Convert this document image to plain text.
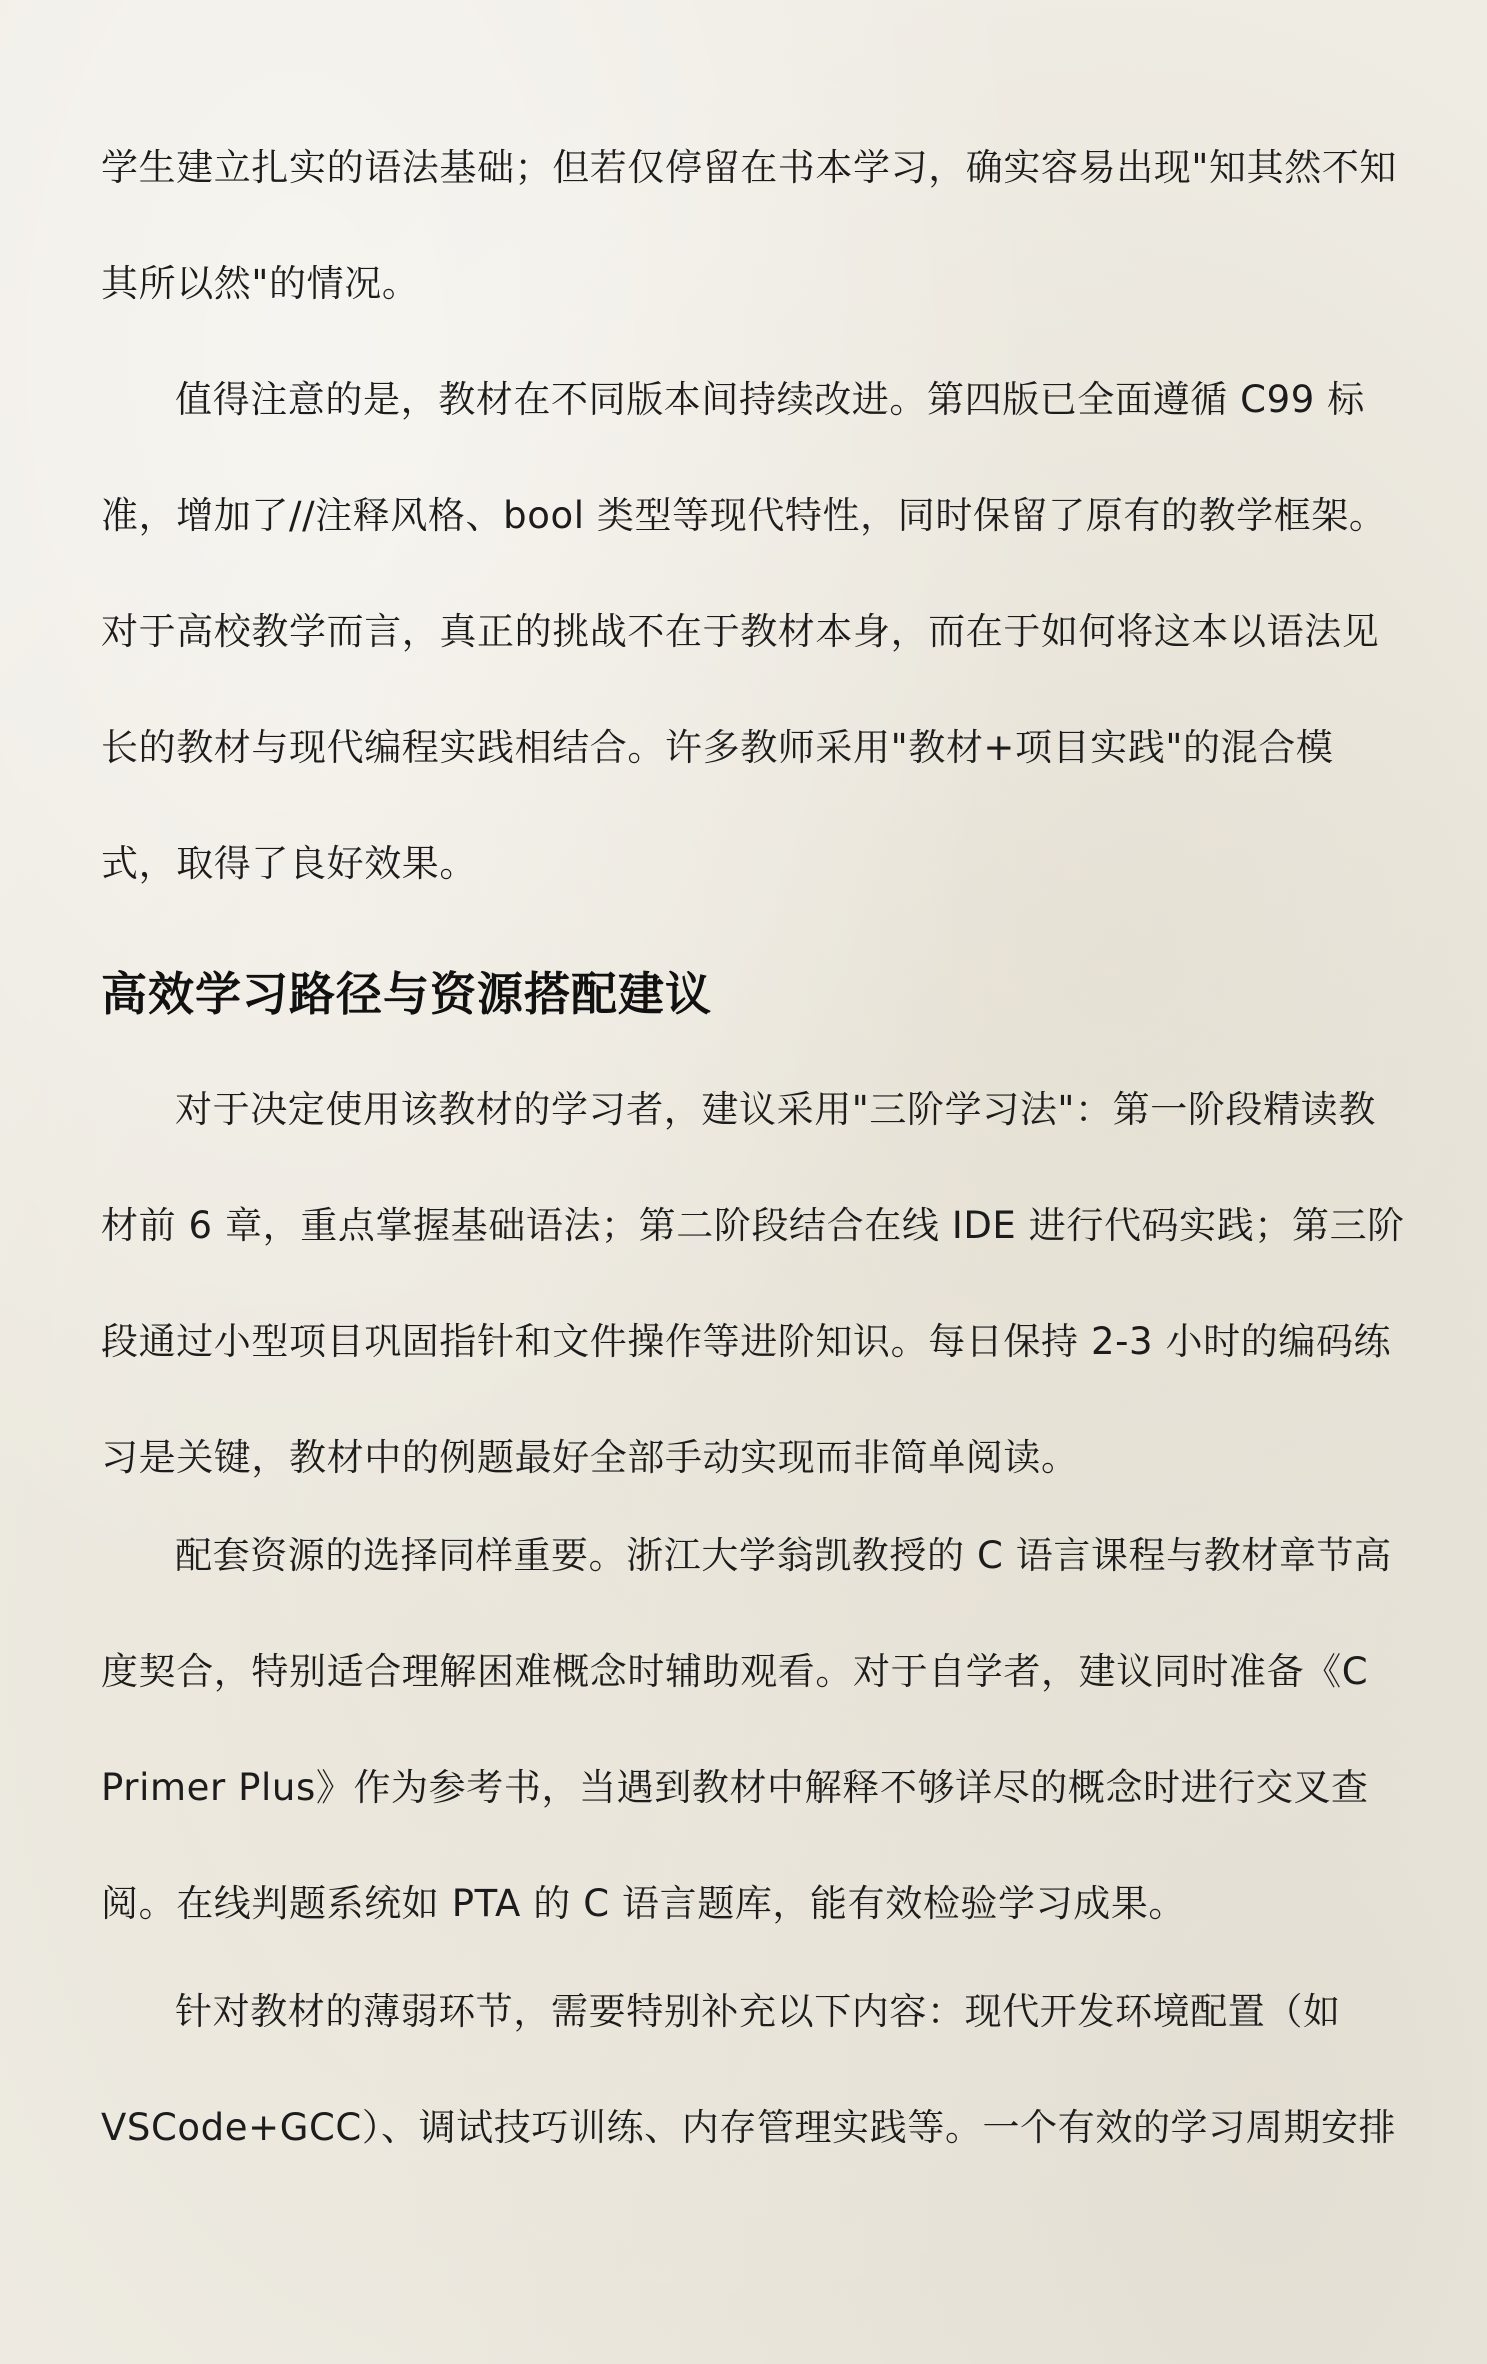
学生建立扎实的语法基础；但若仅停留在书本学习，确实容易出现"知其然不知
其所以然"的情况。

值得注意的是，教材在不同版本间持续改进。第四版已全面遵循 C99 标
准，增加了//注释风格、bool 类型等现代特性，同时保留了原有的教学框架。
对于高校教学而言，真正的挑战不在于教材本身，而在于如何将这本以语法见
长的教材与现代编程实践相结合。许多教师采用"教材+项目实践"的混合模
式，取得了良好效果。

高效学习路径与资源搭配建议

对于决定使用该教材的学习者，建议采用"三阶学习法"：第一阶段精读教
材前 6 章，重点掌握基础语法；第二阶段结合在线 IDE 进行代码实践；第三阶
段通过小型项目巩固指针和文件操作等进阶知识。每日保持 2-3 小时的编码练
习是关键，教材中的例题最好全部手动实现而非简单阅读。

配套资源的选择同样重要。浙江大学翁凯教授的 C 语言课程与教材章节高
度契合，特别适合理解困难概念时辅助观看。对于自学者，建议同时准备《C
Primer Plus》作为参考书，当遇到教材中解释不够详尽的概念时进行交叉查
阅。在线判题系统如 PTA 的 C 语言题库，能有效检验学习成果。

针对教材的薄弱环节，需要特别补充以下内容：现代开发环境配置（如
VSCode+GCC）、调试技巧训练、内存管理实践等。一个有效的学习周期安排
